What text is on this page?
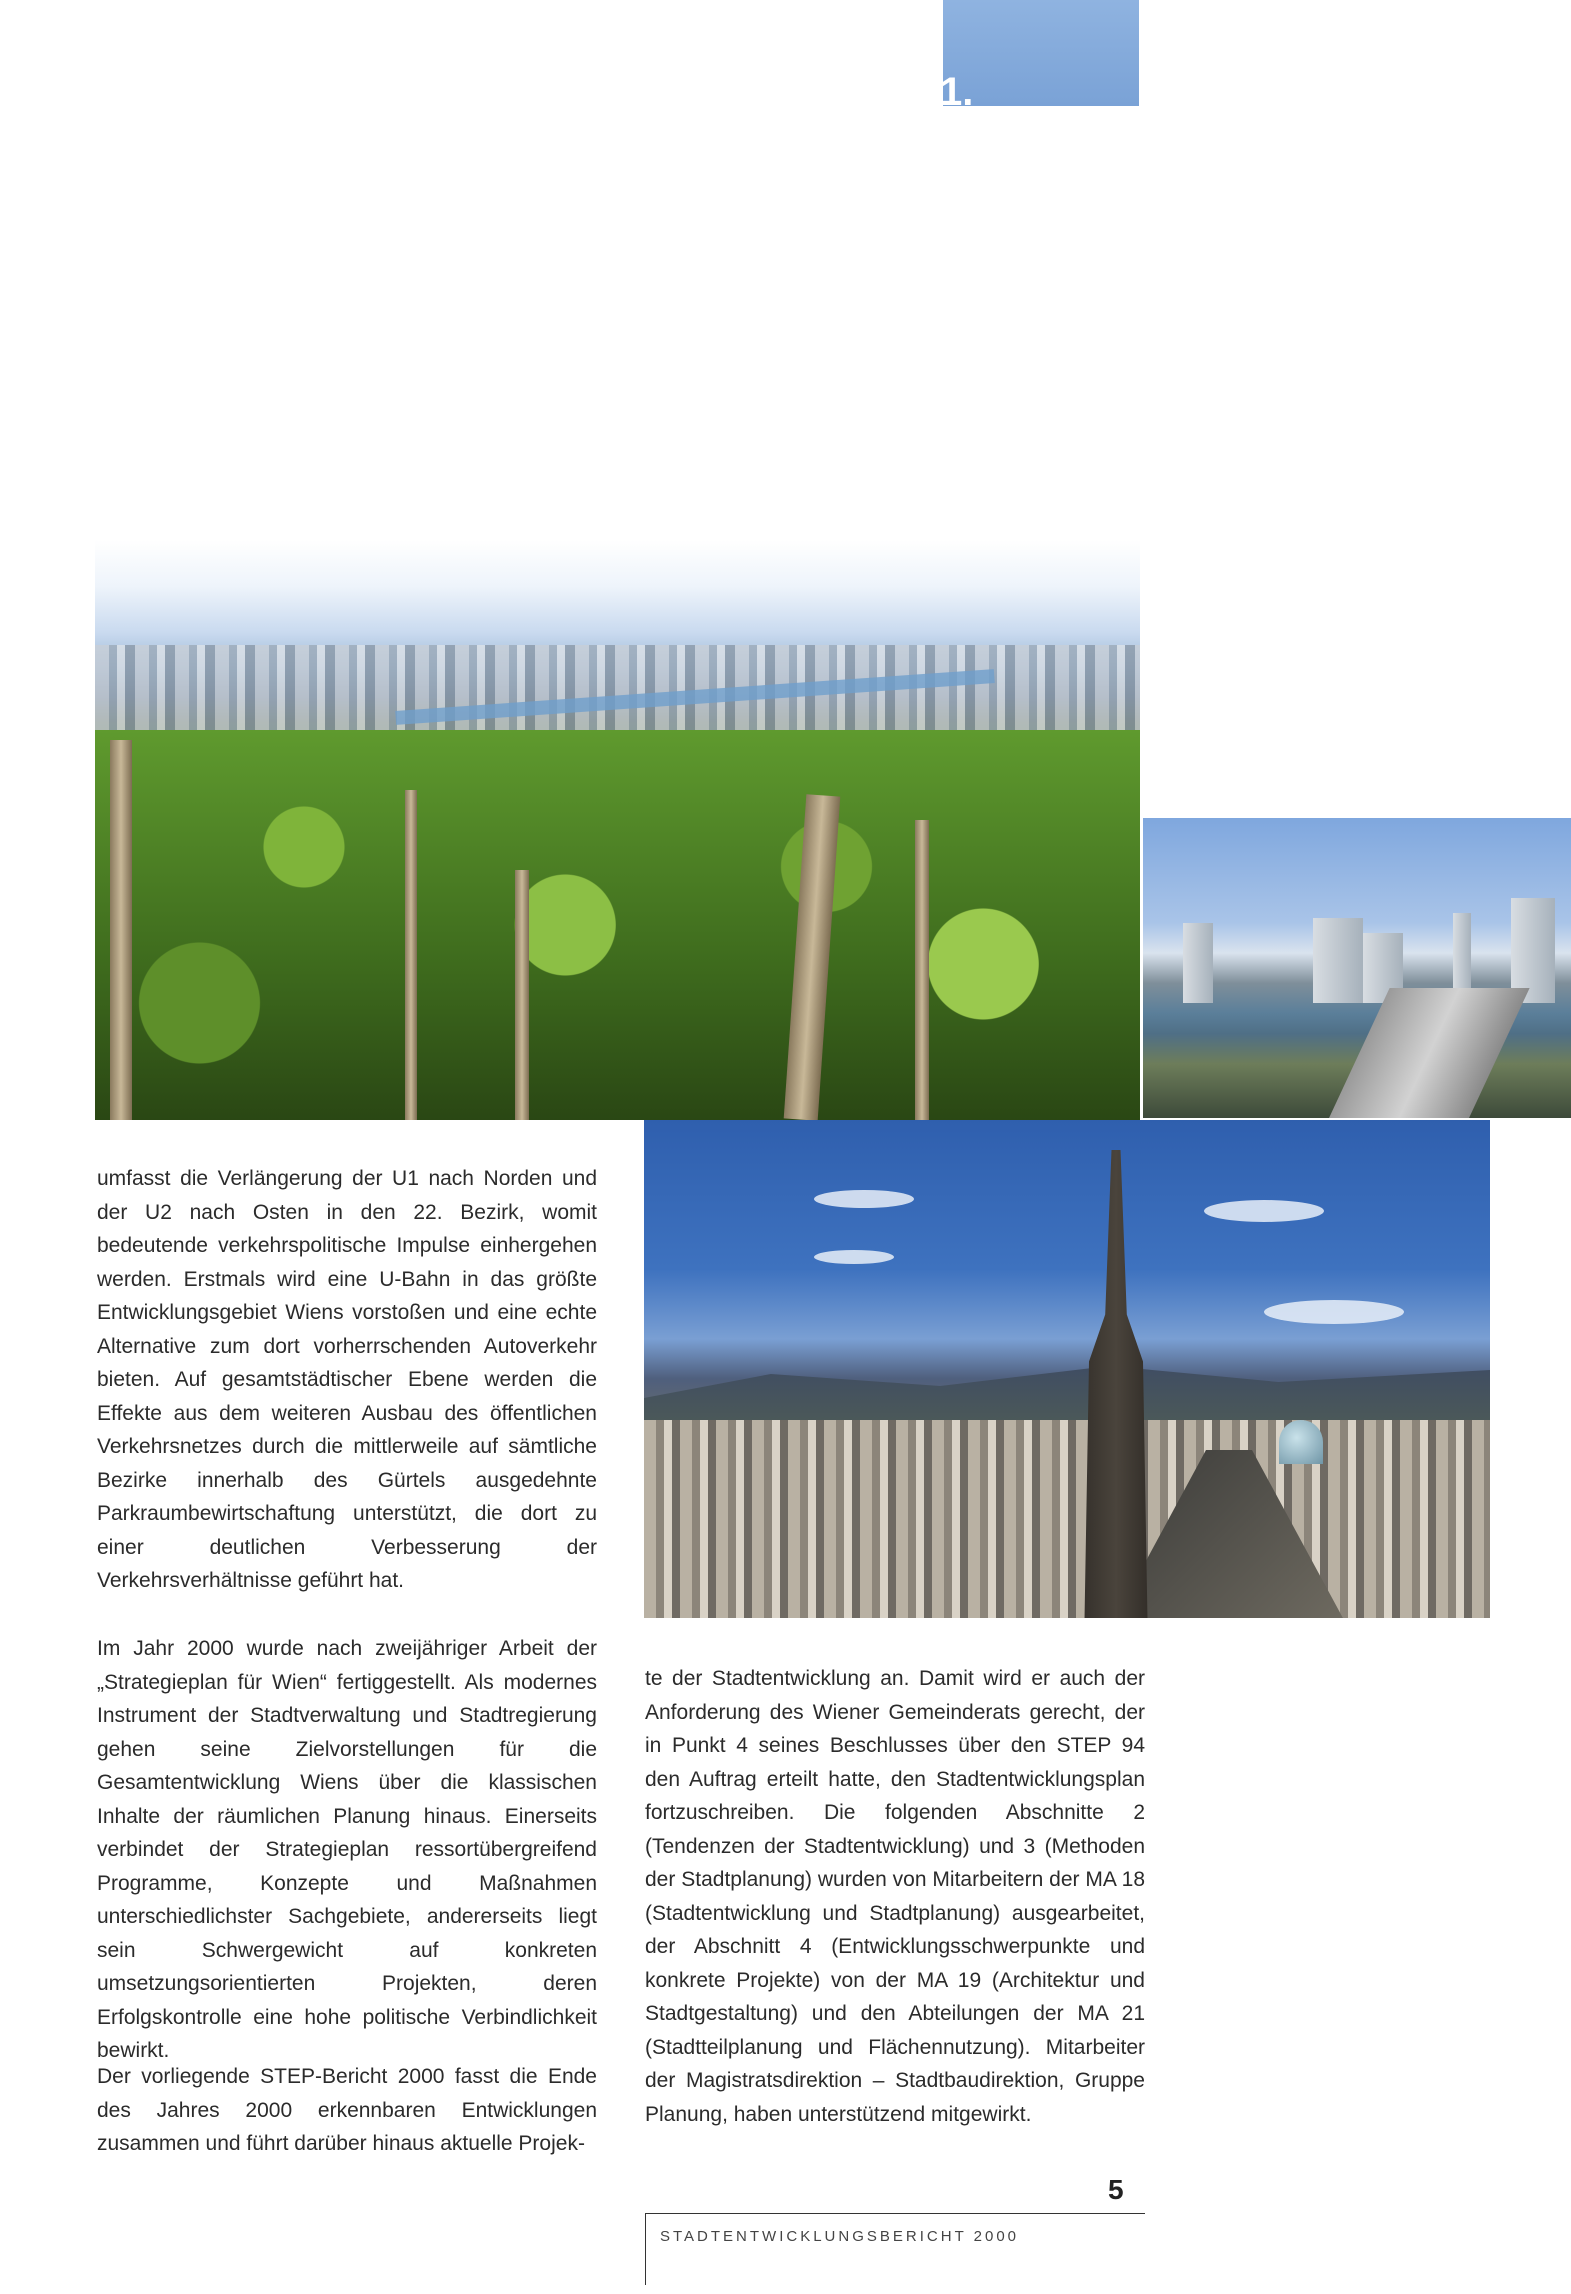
1.

umfasst die Verlängerung der U1 nach Norden und der U2 nach Osten in den 22. Bezirk, womit bedeutende verkehrspolitische Impulse einhergehen werden. Erstmals wird eine U-Bahn in das größte Entwicklungsgebiet Wiens vorstoßen und eine echte Alternative zum dort vorherrschenden Autoverkehr bieten. Auf gesamtstädtischer Ebene werden die Effekte aus dem weiteren Ausbau des öffentlichen Verkehrsnetzes durch die mittlerweile auf sämtliche Bezirke innerhalb des Gürtels ausgedehnte Parkraumbewirtschaftung unterstützt, die dort zu einer deutlichen Verbesserung der Verkehrsverhältnisse geführt hat.

Im Jahr 2000 wurde nach zweijähriger Arbeit der „Strategieplan für Wien“ fertiggestellt. Als modernes Instrument der Stadtverwaltung und Stadtregierung gehen seine Zielvorstellungen für die Gesamtentwicklung Wiens über die klassischen Inhalte der räumlichen Planung hinaus. Einerseits verbindet der Strategieplan ressortübergreifend Programme, Konzepte und Maßnahmen unterschiedlichster Sachgebiete, andererseits liegt sein Schwergewicht auf konkreten umsetzungsorientierten Projekten, deren Erfolgskontrolle eine hohe politische Verbindlichkeit bewirkt.

Der vorliegende STEP-Bericht 2000 fasst die Ende des Jahres 2000 erkennbaren Entwicklungen zusammen und führt darüber hinaus aktuelle Projek-

te der Stadtentwicklung an. Damit wird er auch der Anforderung des Wiener Gemeinderats gerecht, der in Punkt 4 seines Beschlusses über den STEP 94 den Auftrag erteilt hatte, den Stadtentwicklungsplan fortzuschreiben. Die folgenden Abschnitte 2 (Tendenzen der Stadtentwicklung) und 3 (Methoden der Stadtplanung) wurden von Mitarbeitern der MA 18 (Stadtentwicklung und Stadtplanung) ausgearbeitet, der Abschnitt 4 (Entwicklungsschwerpunkte und konkrete Projekte) von der MA 19 (Architektur und Stadtgestaltung) und den Abteilungen der MA 21 (Stadtteilplanung und Flächennutzung). Mitarbeiter der Magistratsdirektion – Stadtbaudirektion, Gruppe Planung, haben unterstützend mitgewirkt.

5
STADTENTWICKLUNGSBERICHT 2000
